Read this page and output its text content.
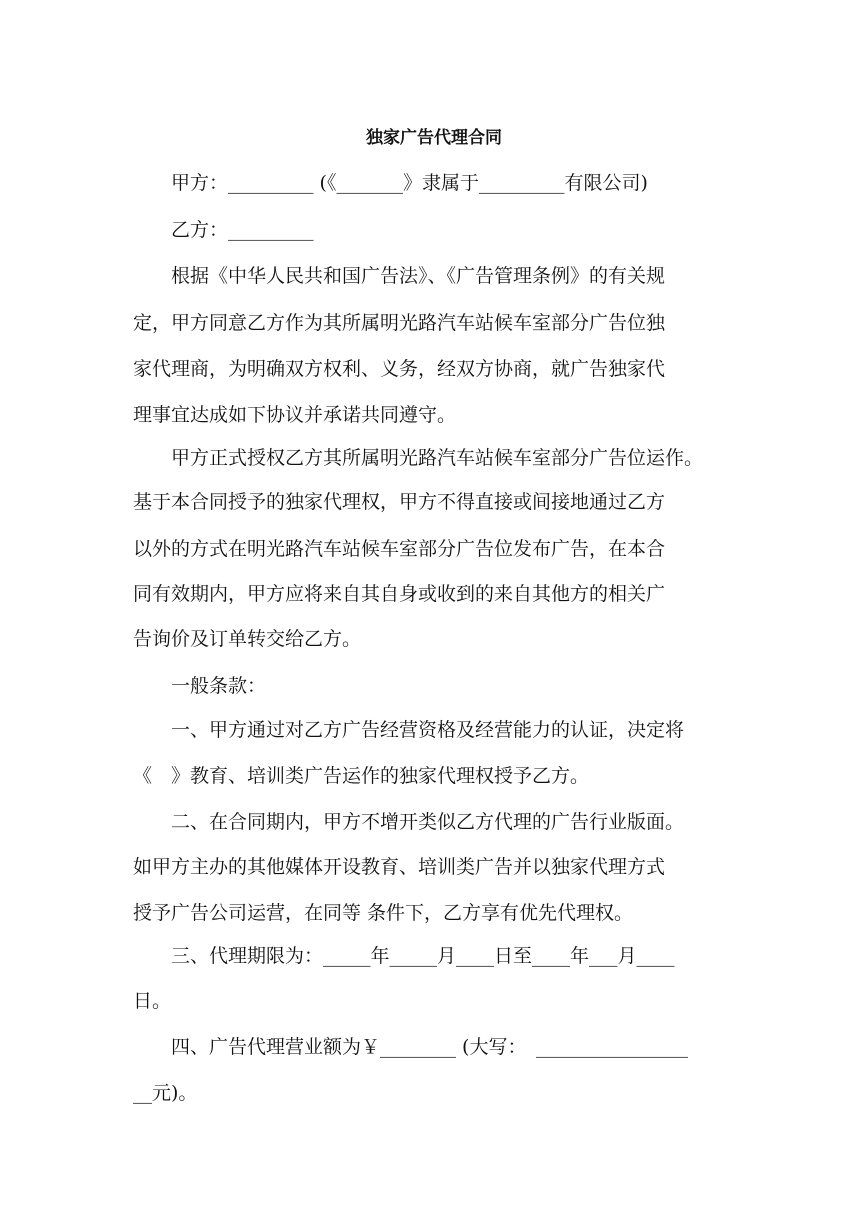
独家广告代理合同
　　甲方：_________ (《_______》隶属于_________有限公司)
　　乙方：_________
　　根据《中华人民共和国广告法》、《广告管理条例》的有关规
定，甲方同意乙方作为其所属明光路汽车站候车室部分广告位独
家代理商，为明确双方权利、义务，经双方协商，就广告独家代
理事宜达成如下协议并承诺共同遵守。
　　甲方正式授权乙方其所属明光路汽车站候车室部分广告位运作。
基于本合同授予的独家代理权，甲方不得直接或间接地通过乙方
以外的方式在明光路汽车站候车室部分广告位发布广告，在本合
同有效期内，甲方应将来自其自身或收到的来自其他方的相关广
告询价及订单转交给乙方。
　　一般条款：
　　一、甲方通过对乙方广告经营资格及经营能力的认证，决定将
《　》教育、培训类广告运作的独家代理权授予乙方。
　　二、在合同期内，甲方不增开类似乙方代理的广告行业版面。
如甲方主办的其他媒体开设教育、培训类广告并以独家代理方式
授予广告公司运营，在同等 条件下，乙方享有优先代理权。
　　三、代理期限为：_____年_____月____日至____年___月____
日。
　　四、广告代理营业额为￥________ (大写：　________________
__元)。
